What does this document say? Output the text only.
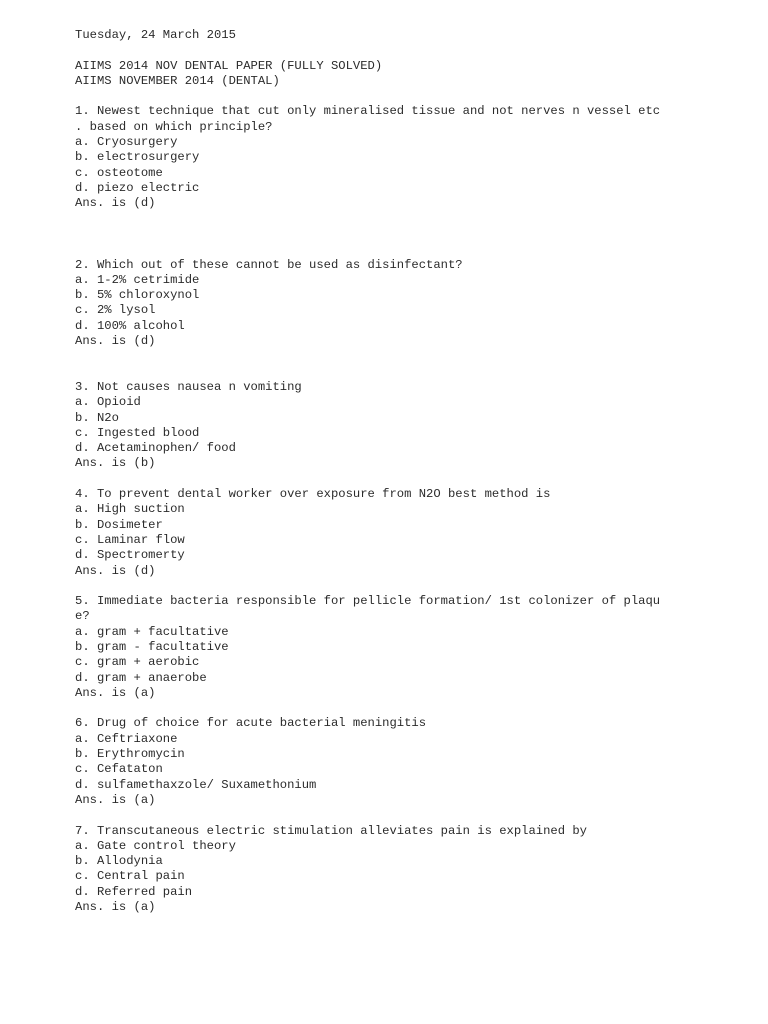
Tuesday, 24 March 2015
AIIMS 2014 NOV DENTAL PAPER (FULLY SOLVED)
AIIMS NOVEMBER 2014 (DENTAL)
1. Newest technique that cut only mineralised tissue and not nerves n vessel etc
. based on which principle?
a. Cryosurgery
b. electrosurgery
c. osteotome
d. piezo electric
Ans. is (d)
2. Which out of these cannot be used as disinfectant?
a. 1-2% cetrimide
b. 5% chloroxynol
c. 2% lysol
d. 100% alcohol
Ans. is (d)
3. Not causes nausea n vomiting
a. Opioid
b. N2o
c. Ingested blood
d. Acetaminophen/ food
Ans. is (b)
4. To prevent dental worker over exposure from N2O best method is
a. High suction
b. Dosimeter
c. Laminar flow
d. Spectromerty
Ans. is (d)
5. Immediate bacteria responsible for pellicle formation/ 1st colonizer of plaqu
e?
a. gram + facultative
b. gram - facultative
c. gram + aerobic
d. gram + anaerobe
Ans. is (a)
6. Drug of choice for acute bacterial meningitis
a. Ceftriaxone
b. Erythromycin
c. Cefataton
d. sulfamethaxzole/ Suxamethonium
Ans. is (a)
7. Transcutaneous electric stimulation alleviates pain is explained by
a. Gate control theory
b. Allodynia
c. Central pain
d. Referred pain
Ans. is (a)
